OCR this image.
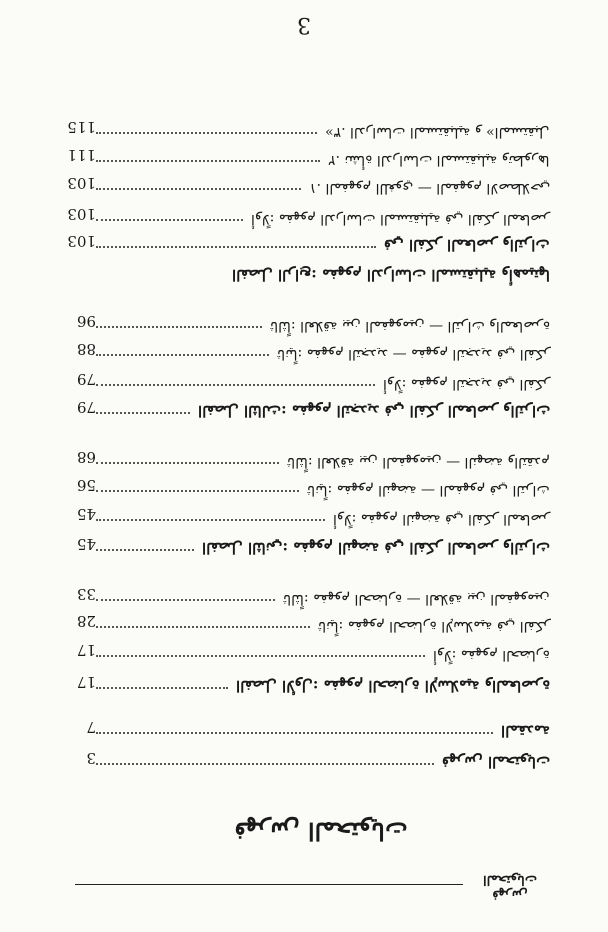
3
115	٣. ﺍﻟﺪﺭﺍﺳﺎﺕ ﺍﻟﻤﺴﺘﻘﺒﻠﻴﺔ ﻭ «ﺍﻟﻤﺴﺘﻘﺒﻞ»
111	٢. ﻧﺸﺄﺓ ﺍﻟﺪﺭﺍﺳﺎﺕ ﺍﻟﻤﺴﺘﻘﺒﻠﻴﺔ ﻭﺗﻄﻮﺭﻫﺎ
103	١. ﺍﻟﻤﻔﻬﻮﻡ ﺍﻟﻠﻐﻮﻱ — ﺍﻟﻤﻔﻬﻮﻡ ﺍﻻﺻﻄﻼﺣﻲ
103	ﺃﻭﻻً: ﻣﻔﻬﻮﻡ ﺍﻟﺪﺭﺍﺳﺎﺕ ﺍﻟﻤﺴﺘﻘﺒﻠﻴﺔ ﻓﻲ ﺍﻟﻔﻜﺮ ﺍﻟﻤﻌﺎﺻﺮ
103	ﻓﻲ ﺍﻟﻔﻜﺮ ﺍﻟﻤﻌﺎﺻﺮ ﻭﺍﻟﺘﺮﺍﺙ
ﺍﻟﻔﺼﻞ ﺍﻟﺮﺍﺑﻊ: ﻣﻔﻬﻮﻡ ﺍﻟﺪﺭﺍﺳﺎﺕ ﺍﻟﻤﺴﺘﻘﺒﻠﻴﺔ ﻭﺃﻫﻤﻴﺘﻬﺎ
96	ﺛﺎﻟﺜﺎً: ﺍﻟﻌﻼﻗﺔ ﺑﻴﻦ ﺍﻟﻤﻔﻬﻮﻣﻴﻦ — ﺍﻟﺘﺮﺍﺙ ﻭﺍﻟﻤﻌﺎﺻﺮﺓ
88	ﺛﺎﻧﻴﺎً: ﻣﻔﻬﻮﻡ ﺍﻟﺘﺠﺪﻳﺪ — ﻣﻔﻬﻮﻡ ﺍﻟﺘﺠﺪﻳﺪ ﻓﻲ ﺍﻟﻔﻜﺮ
79	ﺃﻭﻻً: ﻣﻔﻬﻮﻡ ﺍﻟﺘﺠﺪﻳﺪ ﻓﻲ ﺍﻟﻔﻜﺮ
79	ﺍﻟﻔﺼﻞ ﺍﻟﺜﺎﻟﺚ: ﻣﻔﻬﻮﻡ ﺍﻟﺘﺠﺪﻳﺪ ﻓﻲ ﺍﻟﻔﻜﺮ ﺍﻟﻤﻌﺎﺻﺮ ﻭﺍﻟﺘﺮﺍﺙ
68	ﺛﺎﻟﺜﺎً: ﺍﻟﻌﻼﻗﺔ ﺑﻴﻦ ﺍﻟﻤﻔﻬﻮﻣﻴﻦ — ﺍﻟﻨﻬﻀﺔ ﻭﺍﻟﺘﻘﺪﻡ
56	ﺛﺎﻧﻴﺎً: ﻣﻔﻬﻮﻡ ﺍﻟﻨﻬﻀﺔ — ﺍﻟﻤﻔﻬﻮﻡ ﻓﻲ ﺍﻟﺘﺮﺍﺙ
45	ﺃﻭﻻً: ﻣﻔﻬﻮﻡ ﺍﻟﻨﻬﻀﺔ ﻓﻲ ﺍﻟﻔﻜﺮ ﺍﻟﻤﻌﺎﺻﺮ
45	ﺍﻟﻔﺼﻞ ﺍﻟﺜﺎﻧﻲ: ﻣﻔﻬﻮﻡ ﺍﻟﻨﻬﻀﺔ ﻓﻲ ﺍﻟﻔﻜﺮ ﺍﻟﻤﻌﺎﺻﺮ ﻭﺍﻟﺘﺮﺍﺙ
33	ﺛﺎﻟﺜﺎً: ﻣﻔﻬﻮﻡ ﺍﻟﺤﻀﺎﺭﺓ — ﺍﻟﻌﻼﻗﺔ ﺑﻴﻦ ﺍﻟﻤﻔﻬﻮﻣﻴﻦ
28	ﺛﺎﻧﻴﺎً: ﻣﻔﻬﻮﻡ ﺍﻟﺤﻀﺎﺭﺓ ﺍﻹﺳﻼﻣﻴﺔ ﻓﻲ ﺍﻟﻔﻜﺮ
17	ﺃﻭﻻً: ﻣﻔﻬﻮﻡ ﺍﻟﺤﻀﺎﺭﺓ
17	ﺍﻟﻔﺼﻞ ﺍﻷﻭﻝ: ﻣﻔﻬﻮﻡ ﺍﻟﺤﻀﺎﺭﺓ ﺍﻹﺳﻼﻣﻴﺔ ﻭﺍﻟﻤﻌﺎﺻﺮﺓ
7	ﺍﻟﻤﻘﺪﻣﺔ
3	ﻓﻬﺮﺱ ﺍﻟﻤﺤﺘﻮﻳﺎﺕ
ﻓﻬﺮﺱ ﺍﻟﻤﺤﺘﻮﻳﺎﺕ
ﻓﻬﺮﺱ ﺍﻟﻤﺤﺘﻮﻳﺎﺕ
